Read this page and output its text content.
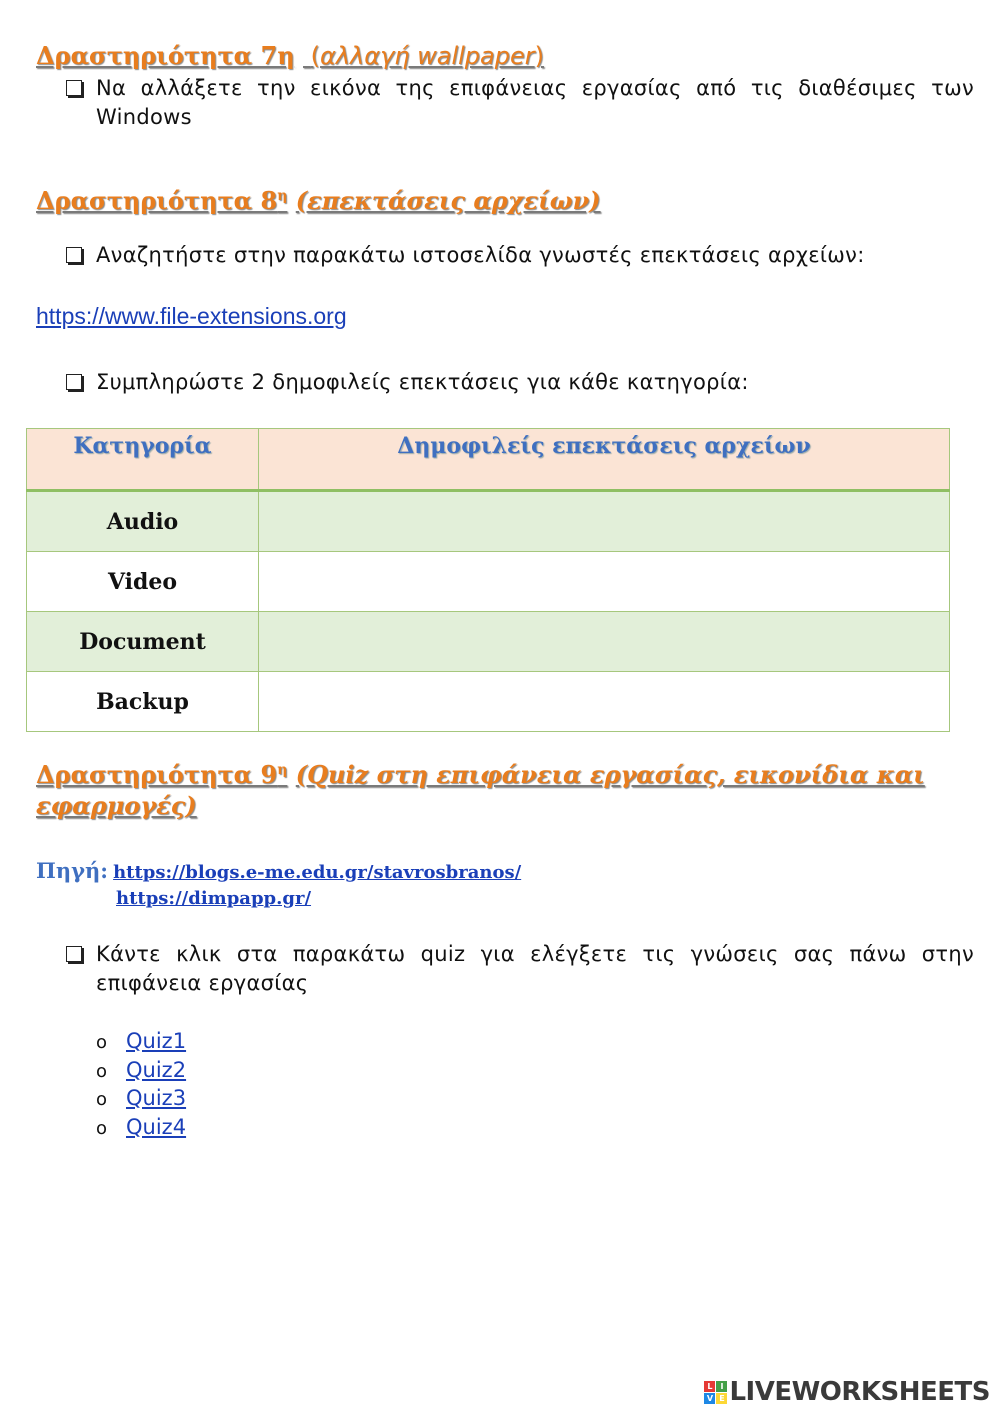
Δραστηριότητα 7η (αλλαγή wallpaper)
Να αλλάξετε την εικόνα της επιφάνειας εργασίας από τις διαθέσιμες των Windows
Δραστηριότητα $8^\eta$ (επεκτάσεις αρχείων)
Αναζητήστε στην παρακάτω ιστοσελίδα γνωστές επεκτάσεις αρχείων:
https://www.file-extensions.org
Συμπληρώστε 2 δημοφιλείς επεκτάσεις για κάθε κατηγορία:
Κατηγορία	Δημοφιλείς επεκτάσεις αρχείων
Audio	
Video	
Document	
Backup	
Δραστηριότητα $9^\eta$ (Quiz στη επιφάνεια εργασίας, εικονίδια και
εφαρμογές)
Πηγή: https://blogs.e-me.edu.gr/stavrosbranos/
https://dimpapp.gr/
Κάντε κλικ στα παρακάτω quiz για ελέγξετε τις γνώσεις σας πάνω στην επιφάνεια εργασίας
o Quiz1
o Quiz2
o Quiz3
o Quiz4
L I
V E LIVEWORKSHEETS
